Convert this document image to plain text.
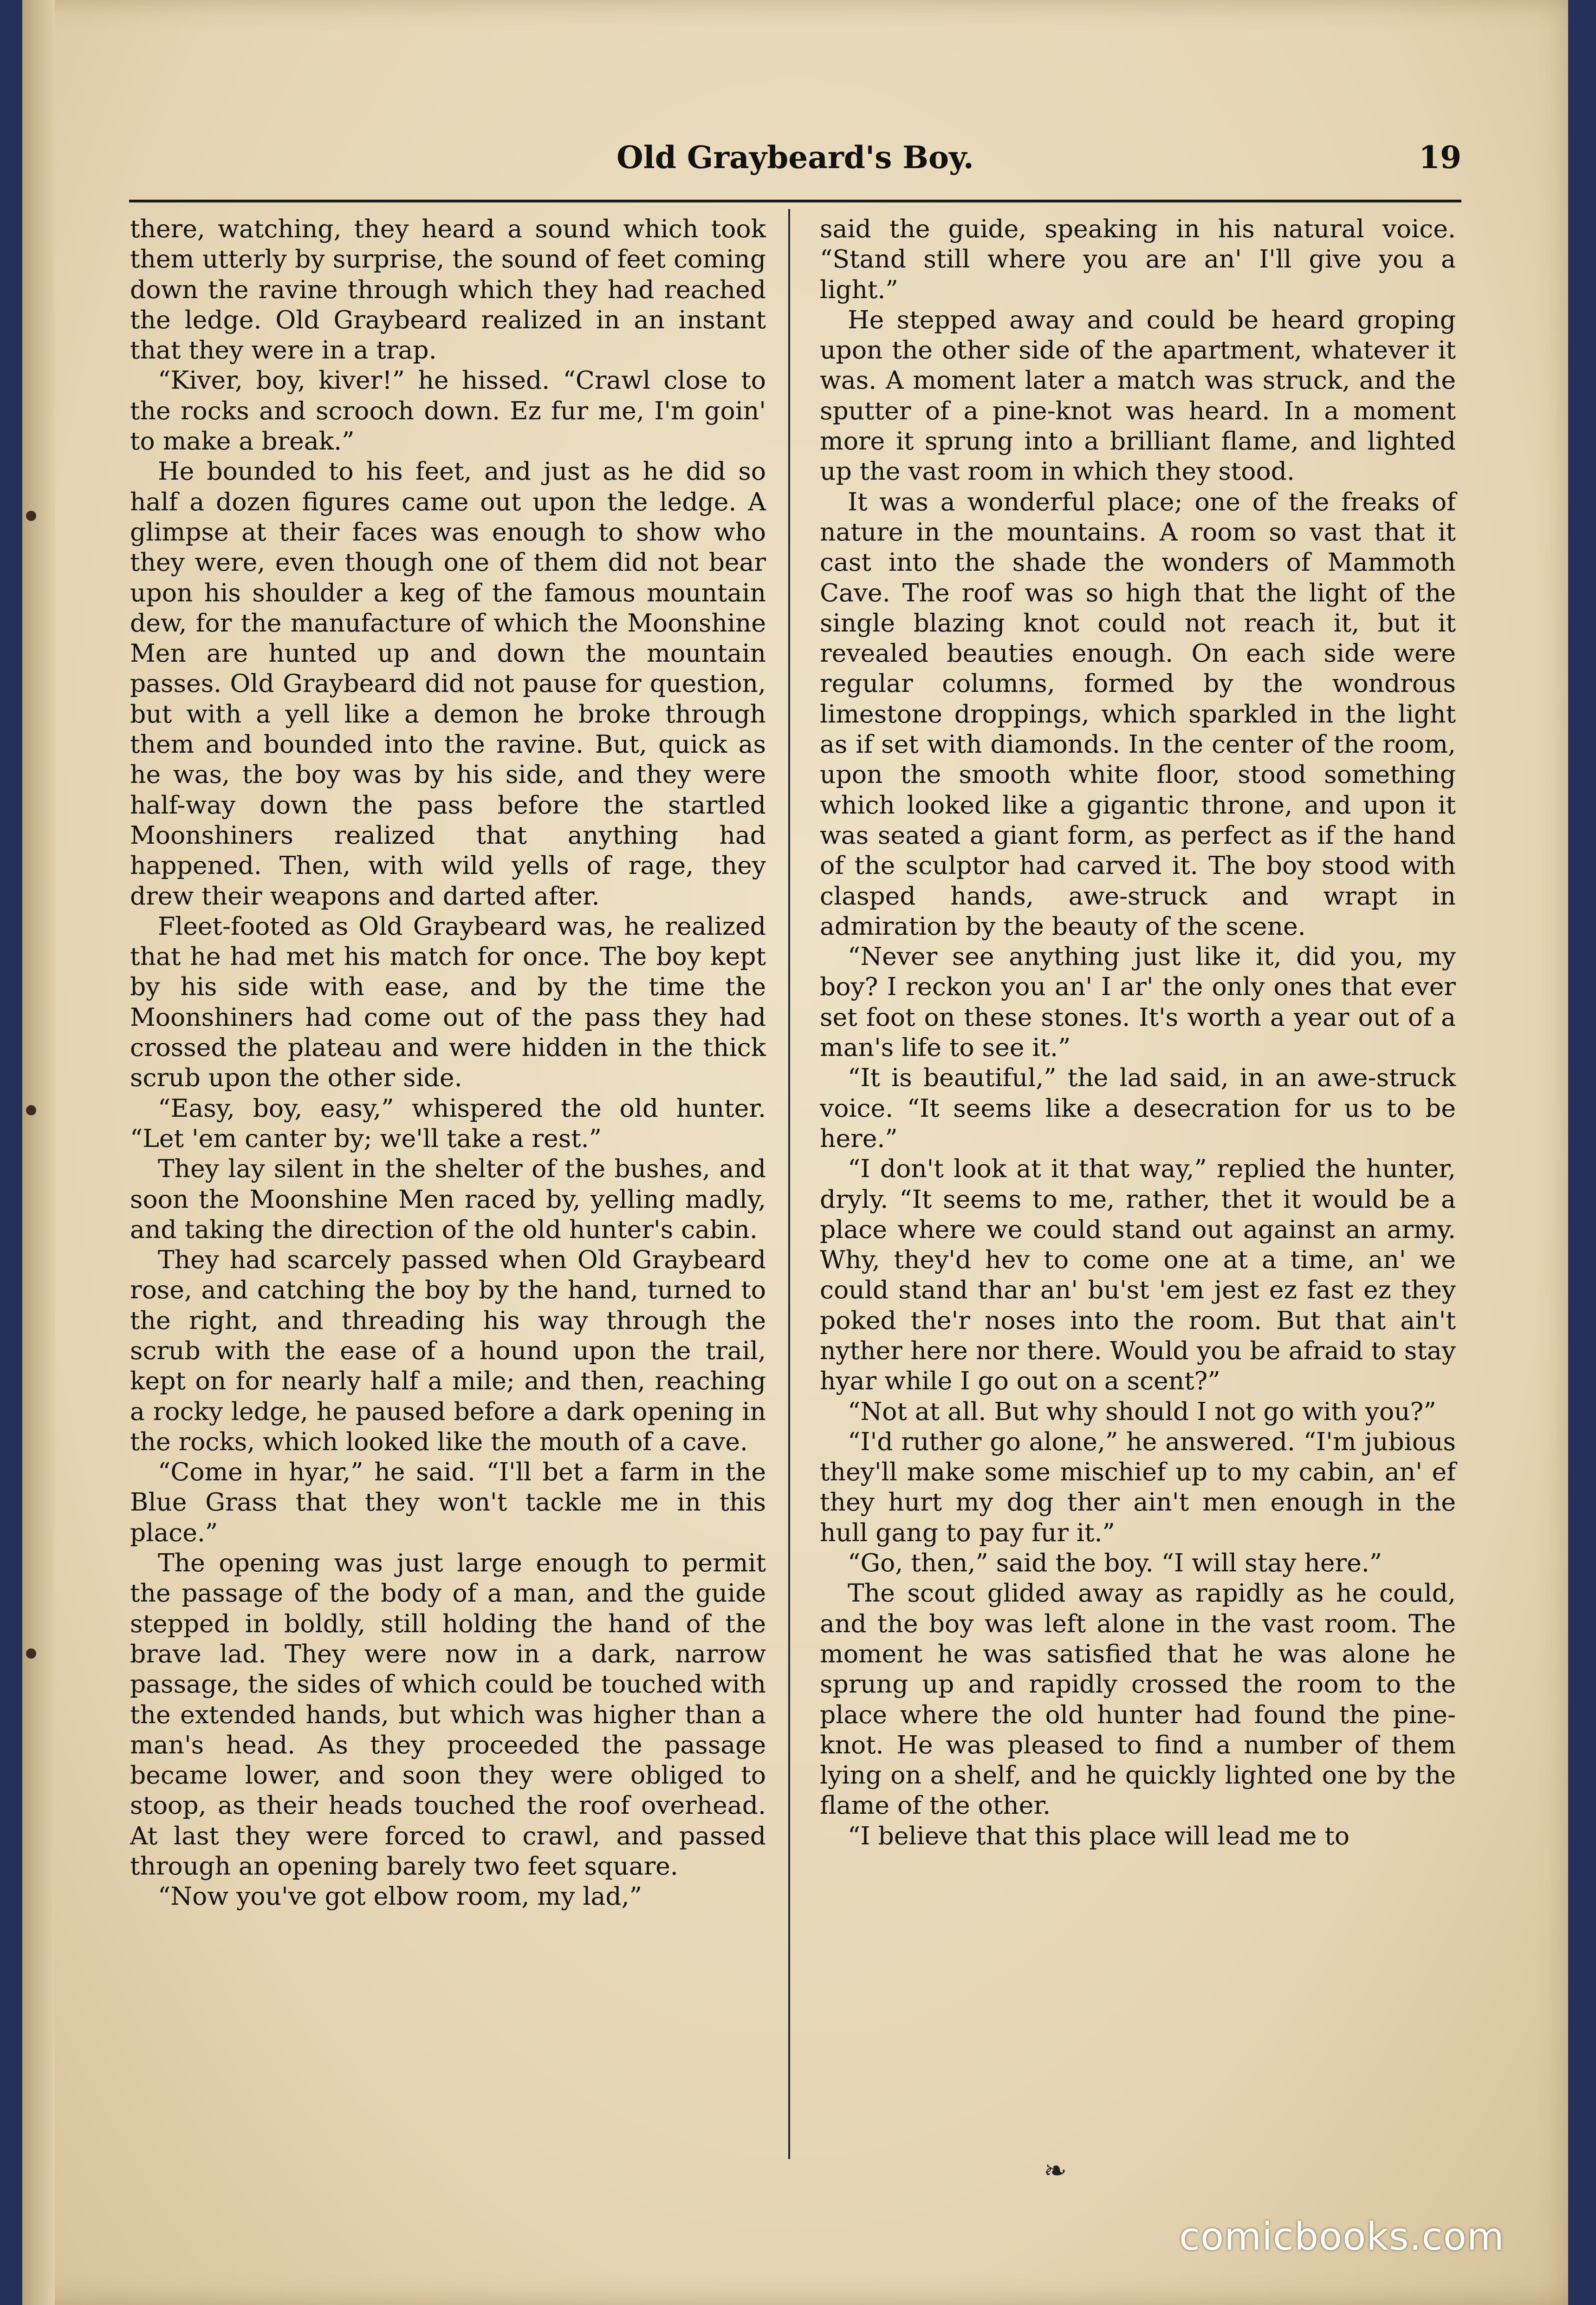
Old Graybeard's Boy.	19

there, watching, they heard a sound which took them utterly by surprise, the sound of feet coming down the ravine through which they had reached the ledge. Old Graybeard realized in an instant that they were in a trap.

“Kiver, boy, kiver!” he hissed. “Crawl close to the rocks and scrooch down. Ez fur me, I'm goin' to make a break.”

He bounded to his feet, and just as he did so half a dozen figures came out upon the ledge. A glimpse at their faces was enough to show who they were, even though one of them did not bear upon his shoulder a keg of the famous mountain dew, for the manufacture of which the Moonshine Men are hunted up and down the mountain passes. Old Graybeard did not pause for question, but with a yell like a demon he broke through them and bounded into the ravine. But, quick as he was, the boy was by his side, and they were half-way down the pass before the startled Moonshiners realized that anything had happened. Then, with wild yells of rage, they drew their weapons and darted after.

Fleet-footed as Old Graybeard was, he realized that he had met his match for once. The boy kept by his side with ease, and by the time the Moonshiners had come out of the pass they had crossed the plateau and were hidden in the thick scrub upon the other side.

“Easy, boy, easy,” whispered the old hunter. “Let 'em canter by; we'll take a rest.”

They lay silent in the shelter of the bushes, and soon the Moonshine Men raced by, yelling madly, and taking the direction of the old hunter's cabin.

They had scarcely passed when Old Graybeard rose, and catching the boy by the hand, turned to the right, and threading his way through the scrub with the ease of a hound upon the trail, kept on for nearly half a mile; and then, reaching a rocky ledge, he paused before a dark opening in the rocks, which looked like the mouth of a cave.

“Come in hyar,” he said. “I'll bet a farm in the Blue Grass that they won't tackle me in this place.”

The opening was just large enough to permit the passage of the body of a man, and the guide stepped in boldly, still holding the hand of the brave lad. They were now in a dark, narrow passage, the sides of which could be touched with the extended hands, but which was higher than a man's head. As they proceeded the passage became lower, and soon they were obliged to stoop, as their heads touched the roof overhead. At last they were forced to crawl, and passed through an opening barely two feet square.

“Now you've got elbow room, my lad,”

said the guide, speaking in his natural voice. “Stand still where you are an' I'll give you a light.”

He stepped away and could be heard groping upon the other side of the apartment, whatever it was. A moment later a match was struck, and the sputter of a pine-knot was heard. In a moment more it sprung into a brilliant flame, and lighted up the vast room in which they stood.

It was a wonderful place; one of the freaks of nature in the mountains. A room so vast that it cast into the shade the wonders of Mammoth Cave. The roof was so high that the light of the single blazing knot could not reach it, but it revealed beauties enough. On each side were regular columns, formed by the wondrous limestone droppings, which sparkled in the light as if set with diamonds. In the center of the room, upon the smooth white floor, stood something which looked like a gigantic throne, and upon it was seated a giant form, as perfect as if the hand of the sculptor had carved it. The boy stood with clasped hands, awe-struck and wrapt in admiration by the beauty of the scene.

“Never see anything just like it, did you, my boy? I reckon you an' I ar' the only ones that ever set foot on these stones. It's worth a year out of a man's life to see it.”

“It is beautiful,” the lad said, in an awe-struck voice. “It seems like a desecration for us to be here.”

“I don't look at it that way,” replied the hunter, dryly. “It seems to me, rather, thet it would be a place where we could stand out against an army. Why, they'd hev to come one at a time, an' we could stand thar an' bu'st 'em jest ez fast ez they poked the'r noses into the room. But that ain't nyther here nor there. Would you be afraid to stay hyar while I go out on a scent?”

“Not at all. But why should I not go with you?”

“I'd ruther go alone,” he answered. “I'm jubious they'll make some mischief up to my cabin, an' ef they hurt my dog ther ain't men enough in the hull gang to pay fur it.”

“Go, then,” said the boy. “I will stay here.”

The scout glided away as rapidly as he could, and the boy was left alone in the vast room. The moment he was satisfied that he was alone he sprung up and rapidly crossed the room to the place where the old hunter had found the pine-knot. He was pleased to find a number of them lying on a shelf, and he quickly lighted one by the flame of the other.

“I believe that this place will lead me to

❧
comicbooks.com
